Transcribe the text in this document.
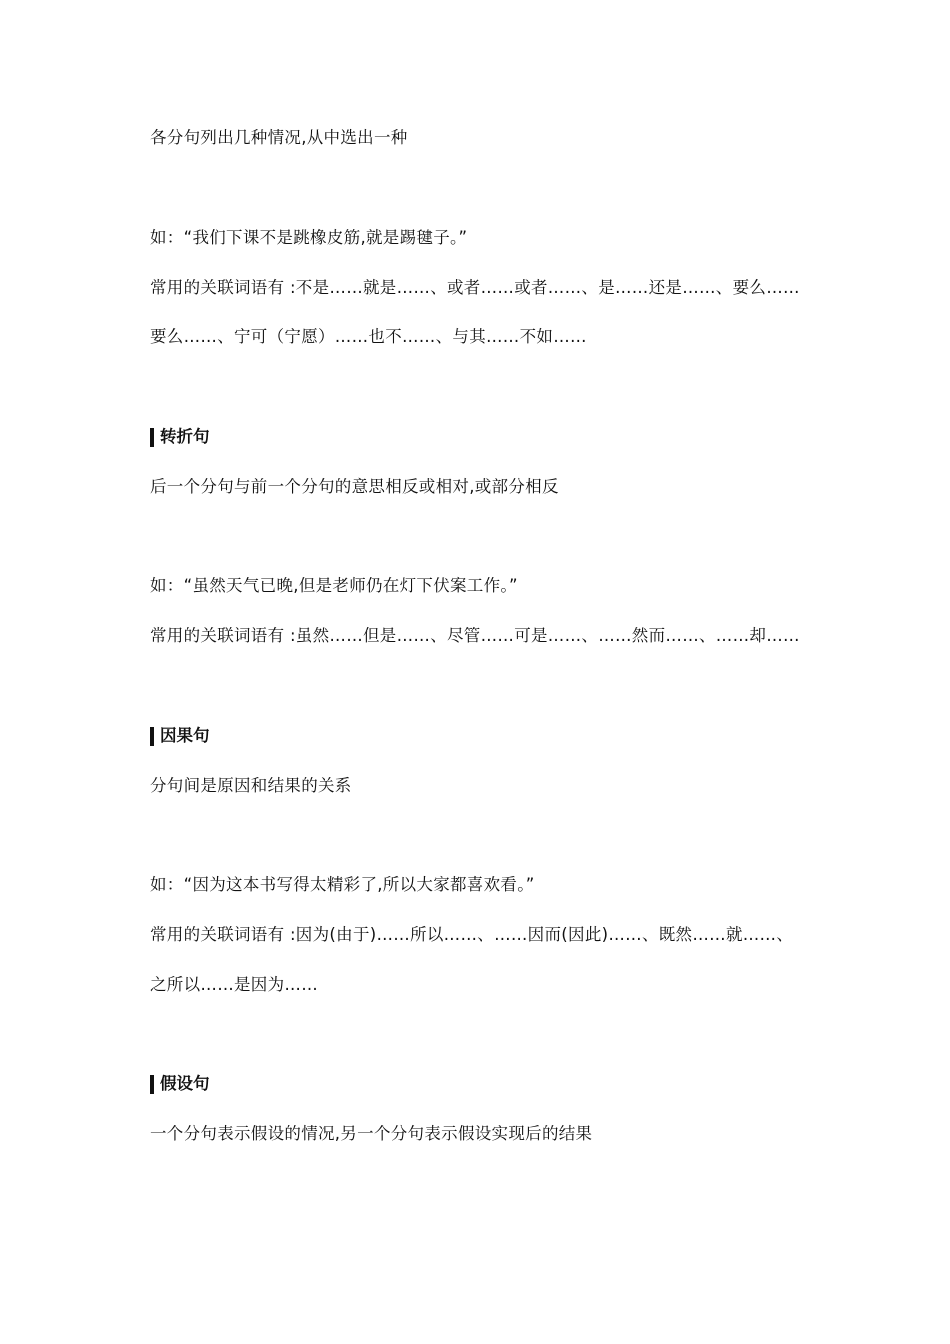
各分句列出几种情况,从中选出一种
如：“我们下课不是跳橡皮筋,就是踢毽子。”
常用的关联词语有 :不是……就是……、或者……或者……、是……还是……、要么……
要么……、宁可（宁愿）……也不……、与其……不如……
转折句
后一个分句与前一个分句的意思相反或相对,或部分相反
如：“虽然天气已晚,但是老师仍在灯下伏案工作。”
常用的关联词语有 :虽然……但是……、尽管……可是……、……然而……、……却……
因果句
分句间是原因和结果的关系
如：“因为这本书写得太精彩了,所以大家都喜欢看。”
常用的关联词语有 :因为(由于)……所以……、……因而(因此)……、既然……就……、
之所以……是因为……
假设句
一个分句表示假设的情况,另一个分句表示假设实现后的结果
